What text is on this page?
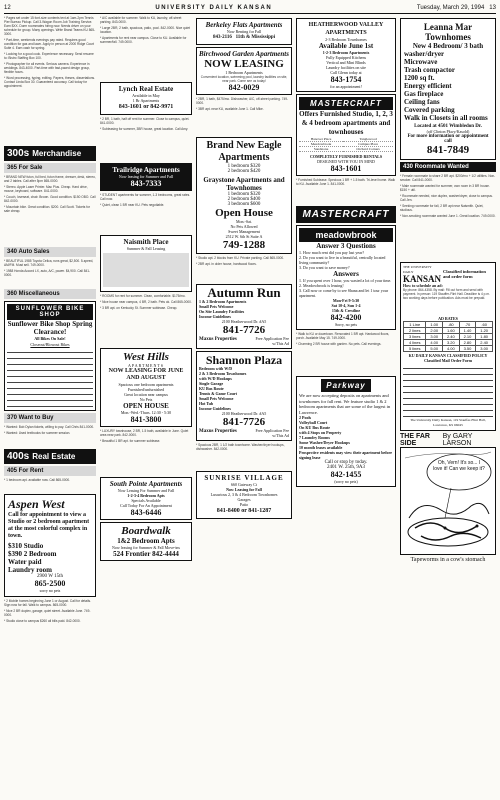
12	UNIVERSITY DAILY KANSAN	Tuesday, March 29, 1994 13

* Pages set under 15 font-size contents text at 1am-2pm Tennis Pier Bureau Pickup. Call 3-Wagon Room Job Training Service. Earn $XX. Dorm roommates hiring now. Needs driver on your schedule for group. Many openings. Write Brand Teams KU 865-3000.

* Part-time, weekends evenings pay rated. Requires good condition for gas and lawn. Apply in person at 2000 Ridge Court Suite 4. Earn cash for spring.

* Looking for a good cook. Experience necessary. Send resume to: Bistro Staffing Box 100.

* Photographer for all events. Serious camera. Experience in weddings. 843-4000. Part-time with fast-paced design group, flexible hours.

* Word processing, typing, editing. Papers, theses, dissertations. Contact Linda Box 30. Guaranteed accuracy. Call today for appointment.

300s Merchandise
365 For Sale

* BRAND NEW futon, full bed, futon frame, dresser, desk, stereo, and 2 tables. Call after 5pm 865-0000.

* Stereo. Apple Laser Printer. Mac Plus. Cheap. Hard drive, mouse, keyboard, software. 841-0000.

* Couch, loveseat, chair. Brown. Good condition. $150 OBO. Call 842-0000.

* Mountain bike. Great condition. $200. Call Scott. Tickets for sale cheap.

340 Auto Sales

* BEAUTIFUL 1985 Toyota Celica, runs great, $2,500. 5-speed, AM/FM. Must sell. 749-0000.

* 1988 Honda Accord LX, auto, A/C, power. $4,900. Call 841-0000.

360 Miscellaneous
SUNFLOWER BIKE SHOP
Sunflower Bike Shop Spring Clearance!
All Bikes On Sale!
Closeout/Blowout Bikes
370 Want to Buy

* Wanted: Bob Dylan tickets, willing to pay. Call Chris 841-0000.

* Wanted: Used textbooks for summer session.

400s Real Estate
405 For Rent

* 1 bedroom apt. available now. Call 865-0000.

Aspen West
Call for appointment to view a Studio or 2 bedroom apartment at the most colorful complex in town.
$310 Studio
$390 2 Bedroom
Water paid
Laundry room
2900 W 15th
865-2500
sorry no pets

* 2 Mobile homes beginning June 1 or August. Call for details. Sign now for fall. Walk to campus. 865-0000.

* Nice 2 BR duplex, garage, quiet street. Available June. 749-0000.

* Studio close to campus $260 all bills paid. 842-0000.

* A/C available for summer. Walk to KU, laundry, off-street parking. 843-0000.

* Large 2BR, 2 bath, spacious, patio, pool. 842-0000. Nice quiet location.

* Apartments for rent near campus. Close to KU. Available for summer/fall. 749-0000.

Lynch Real Estate
Available in May
1 Br Apartments
843-1601 or 842-9971

* 2 BR, 1 bath, half off rent for summer. Close to campus, quiet. 841-0000.

* Subleasing for summer, 3BR house, great location. Call Amy.

Trailridge Apartments
Now leasing for Summer and Fall
843-7333

* STUDENT apartments for summer, 1-3 bedrooms, great rates. Call now.

* Quiet, clean 1 BR near KU. Pets negotiable.

Naismith Place
Summer & Fall Leasing

* ROOMS for rent for summer. Clean, comfortable. $175/mo.

* Nice house near campus, 4 BR, 2 bath. Pets ok. Call 865-0000.

* 3 BR apt. on Kentucky St. Summer sublease. Cheap.

West Hills
APARTMENTS
NOW LEASING FOR JUNE AND AUGUST
Spacious one bedroom apartments
Furnished/unfurnished
Great location near campus
No Pets
OPEN HOUSE
Mon.-Wed.-Thurs. 12:30 - 5:30
841-3800

* LUXURY townhouse, 2 BR, 1.5 bath, available in June. Quiet area near park. 842-0000.

* Beautiful 1 BR apt. for summer sublease.

South Pointe Apartments
Now Leasing For Summer and Fall
1-2-3-4 Bedroom Apts
Specials Available
Call Today For An Appointment
843-6446
Boardwalk
1&2 Bedroom Apts
Now leasing for Summer & Fall Move-ins
524 Frontier 842-4444
Berkeley Flats Apartments
Now Renting for Fall
843-2116 11th & Mississippi
Birchwood Garden Apartments
NOW LEASING
1 Bedroom Apartments
Convenient location, swimming pool, laundry facilities on site, near park. Come see us today!
842-0029

* 2BR, 1 bath, $475/mo. Dishwasher, A/C, off-street parking. 749-0000.

* 3BR apt. near KU, available June 1. Call Mike.

Brand New Eagle Apartments
1 bedroom $320
2 bedroom $420
Graystone Apartments and Townhomes
1 bedroom $320
2 bedroom $400
3 bedroom $600
Open House
Mon.-Sat.
No Pets Allowed
Sweet Management
2512 W. 6th St Suite A
749-1288

* Studio apt. 2 blocks from KU. Private parking. Call 865-0000.

* 2BR apt. in older house, hardwood floors.

Autumn Run
1 & 2 Bedroom Apartments
Small Pets Welcome
On Site Laundry Facilities
Income Guidelines
2100 Heatherwood Dr. #A5
841-7726
Maxus Properties	Free Application Fee w/This Ad
Shannon Plaza
Bedroom with W/D
2 & 3 Bedroom Townhomes
with W/D Hookups
Single Garage
KU Bus Route
Tennis & Game Court
Small Pets Welcome
Hot Tub
Income Guidelines
2100 Heatherwood Dr. #A5
841-7726
Maxus Properties	Free Application Fee w/This Ad

* Spacious 2BR, 1 1/2 bath townhome. Washer/dryer hookups, dishwasher. 842-0000.

SUNRISE VILLAGE
660 Gateway Ct
Now Leasing for Fall
Luxurious 2, 3 & 4 Bedroom Townhomes
Garages
Patio
841-8400 or 841-1287
HEATHERWOOD VALLEY APARTMENTS
2-3 Bedroom Townhomes
Available June 1st
1-2-3 Bedroom Apartments
Fully Equipped Kitchens
Vertical and Mini Blinds
Laundry facilities on site
Call Glenn today at
843-1754
for an appointment!
MASTERCRAFT
Offers Furnished Studio, 1, 2, 3 & 4 bedroom apartments and townhouses
Hanover Place	Tanglewood
Meadowbrook	Campus Place
Sandstone	Orchard Corners
COMPLETELY FURNISHED RENTALS
DESIGNED WITH YOU IN MIND
843-1601

* Furnished Sublease. Specious 1 BR + 1.5 bath. Tri-level home. Walk to KU. Available June 1. 841-0000.

MASTERCRAFT
meadowbrook
Answer 3 Questions
1. How much rent did you pay last year?
2. Do you want to live in a beautiful, centrally located living community?
3. Do you want to save money?
Answers
1. If you spent over 1 hour, you wasted a lot of your time.
2. Meadowbrook is leasing!
3. Call now or come by to see Shana and let 1 tour your apartment.
Mon-Fri 9-5:30
Sat 10-4, Sun 1-4
15th & Crestline
842-4200
Sorry, no pets

* Walk to KU or downtown. Renovated 1 BR apt. Hardwood floors, porch. Available May 15. 749-0000.

* Charming 2 BR house with garden. No pets. Call evenings.

Parkway
We are now accepting deposits on apartments and townhomes for fall rent. We feature studio 1 & 2 bedroom apartments that are some of the largest in Lawrence.
2 Pools
Volleyball Court
On KU Bus Route
with 4 Stops on Property
7 Laundry Rooms
Some Washer/Dryer Hookups
10 month leases available
Prospective residents may view their apartment before signing lease
Call or stop by today.
2401 W. 25th, 9A3
842-1455
(sorry no pets)
Leanna Mar Townhomes
New 4 Bedroom/ 3 bath
washer/dryer
Microwave
Trash compactor
1200 sq ft.
Energy efficient
Gas fireplace
Ceiling fans
Covered parking
Walk in Closets in all rooms
Located at 4501 Wimbledon Dr.
(off Clinton Pkwy/Kasold)
For more information or appointment call
841-7849
430 Roommate Wanted

* Female roommate to share 2 BR apt. $200/mo + 1/2 utilities. Non-smoker. Call 841-0000.

* Male roommate wanted for summer, own room in 3 BR house. $150 + util.

* Roommate needed, nice duplex, washer/dryer, close to campus. Call Jen.

* Seeking roommate for fall, 2 BR apt near Naismith. Quiet, studious.

* Non-smoking roommate wanted June 1. Great location. 749-0000.

THE UNIVERSITY DAILY
KANSAN
Classified information and order form
How to schedule an ad:
By phone: 864-4358. By mail: Fill out form and send with payment. In person: 119 Stauffer-Flint Hall. Deadline is 4 p.m. two working days before publication. Ads must be prepaid.
AD RATES
1 Line	1.00	.80	.70	.60
2 lines	2.00	1.60	1.40	1.20
3 lines	3.00	2.40	2.10	1.80
4 lines	4.00	3.20	2.80	2.40
5 lines	5.00	4.00	3.50	3.00
KU DAILY KANSAN CLASSIFIED POLICY
Classified Mail Order Form
The University Daily Kansan, 119 Stauffer-Flint Hall, Lawrence, KS 66045
THE FAR SIDE
By GARY LARSON
Oh, Vern! It's so... I love it! Can we keep it?
Tapeworms in a cow's stomach
